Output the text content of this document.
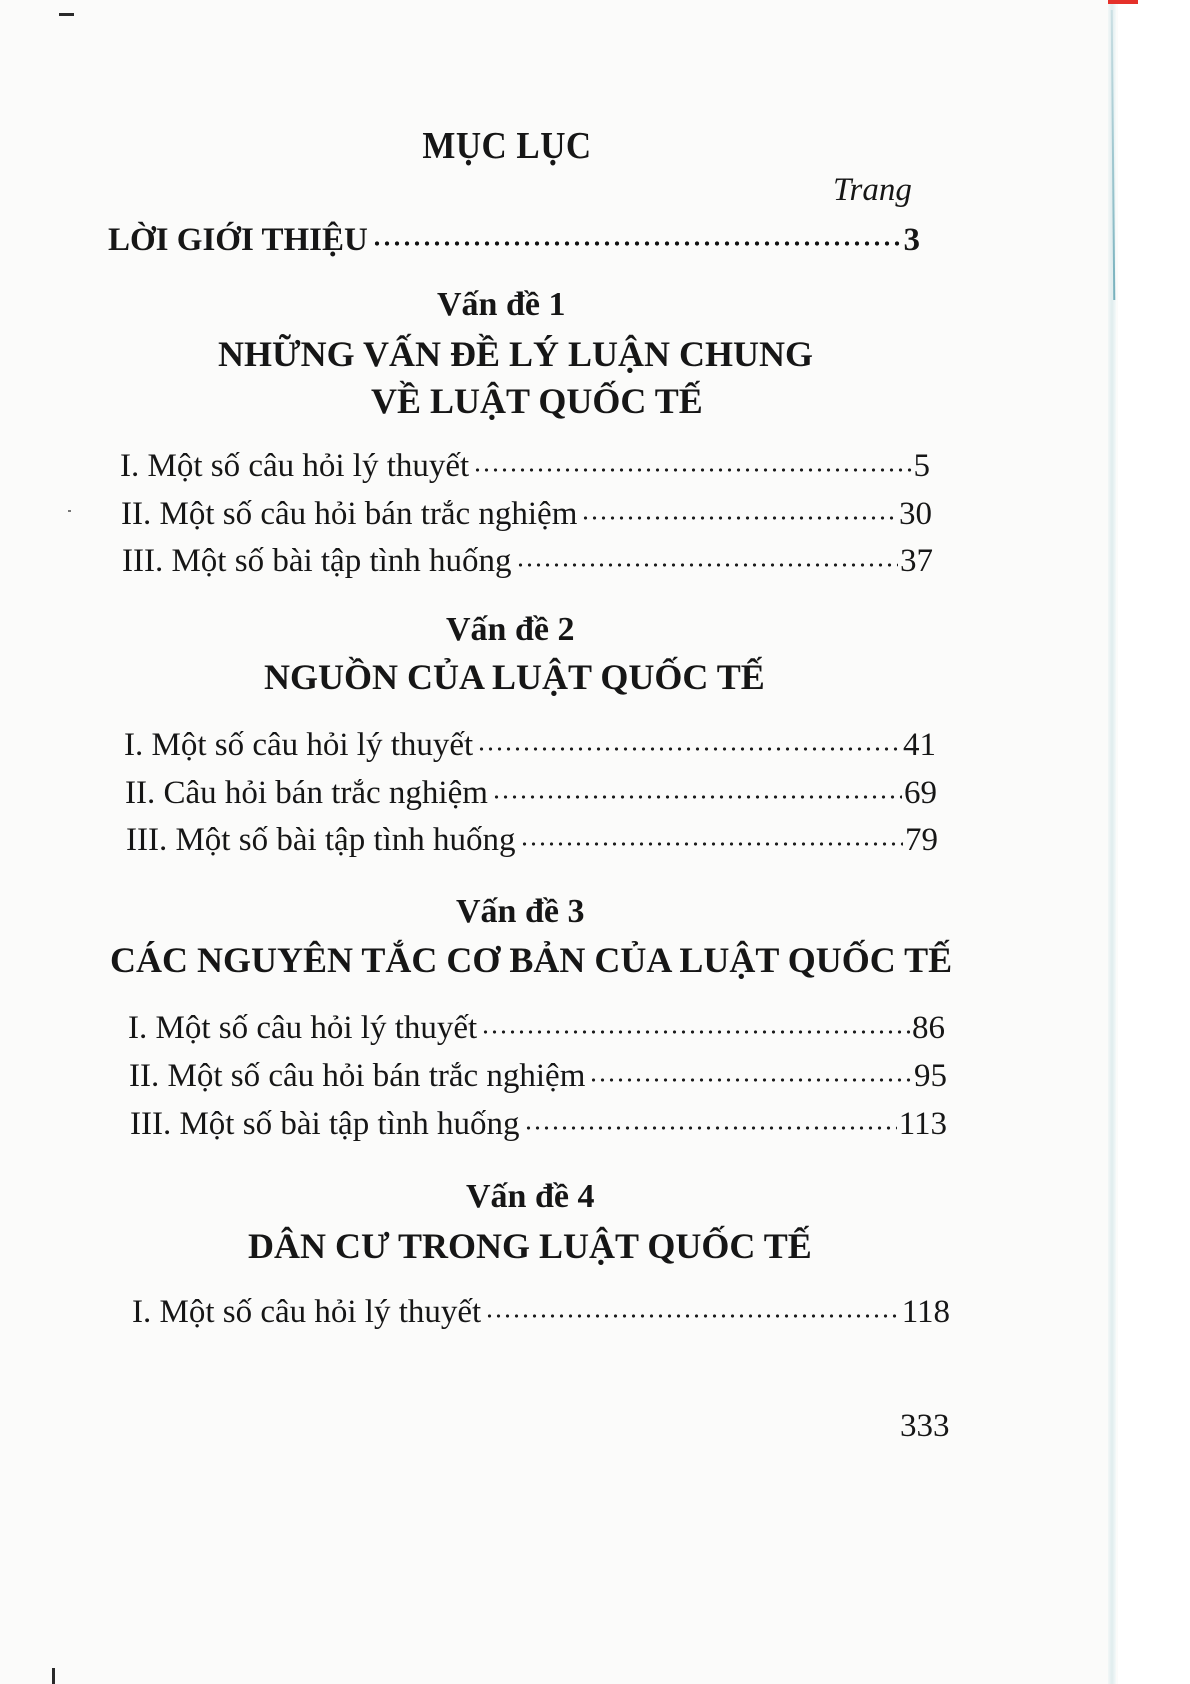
MỤC LỤC
Trang
LỜI GIỚI THIỆU	3
Vấn đề 1
NHỮNG VẤN ĐỀ LÝ LUẬN CHUNG
VỀ LUẬT QUỐC TẾ
I. Một số câu hỏi lý thuyết	5
II. Một số câu hỏi bán trắc nghiệm	30
III. Một số bài tập tình huống	37
Vấn đề 2
NGUỒN CỦA LUẬT QUỐC TẾ
I. Một số câu hỏi lý thuyết	41
II. Câu hỏi bán trắc nghiệm	69
III. Một số bài tập tình huống	79
Vấn đề 3
CÁC NGUYÊN TẮC CƠ BẢN CỦA LUẬT QUỐC TẾ
I. Một số câu hỏi lý thuyết	86
II. Một số câu hỏi bán trắc nghiệm	95
III. Một số bài tập tình huống	113
Vấn đề 4
DÂN CƯ TRONG LUẬT QUỐC TẾ
I. Một số câu hỏi lý thuyết	118
333
